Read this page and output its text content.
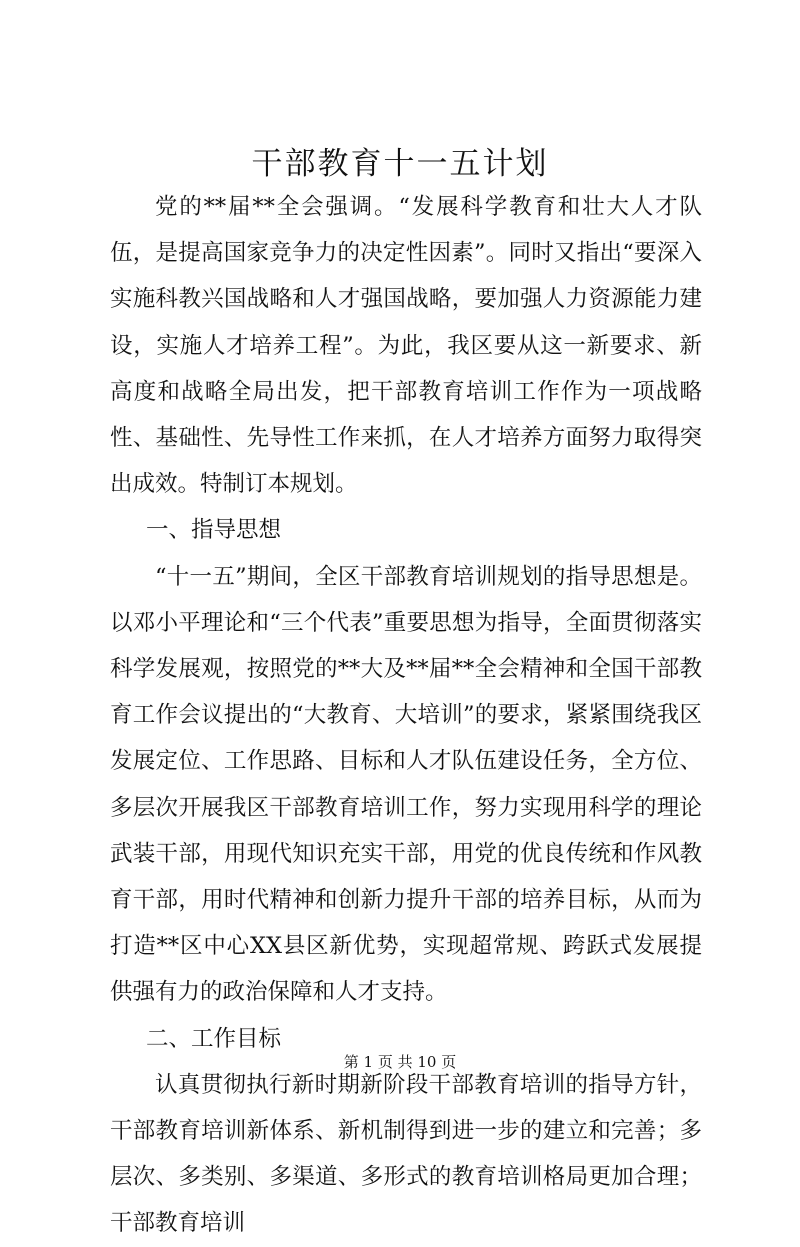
干部教育十一五计划

党的**届**全会强调。“发展科学教育和壮大人才队伍，是提高国家竞争力的决定性因素”。同时又指出“要深入实施科教兴国战略和人才强国战略，要加强人力资源能力建设，实施人才培养工程”。为此，我区要从这一新要求、新高度和战略全局出发，把干部教育培训工作作为一项战略性、基础性、先导性工作来抓，在人才培养方面努力取得突出成效。特制订本规划。

一、指导思想

“十一五”期间，全区干部教育培训规划的指导思想是。以邓小平理论和“三个代表”重要思想为指导，全面贯彻落实科学发展观，按照党的**大及**届**全会精神和全国干部教育工作会议提出的“大教育、大培训”的要求，紧紧围绕我区发展定位、工作思路、目标和人才队伍建设任务，全方位、多层次开展我区干部教育培训工作，努力实现用科学的理论武装干部，用现代知识充实干部，用党的优良传统和作风教育干部，用时代精神和创新力提升干部的培养目标，从而为打造**区中心XX县区新优势，实现超常规、跨跃式发展提供强有力的政治保障和人才支持。

二、工作目标

认真贯彻执行新时期新阶段干部教育培训的指导方针，干部教育培训新体系、新机制得到进一步的建立和完善；多层次、多类别、多渠道、多形式的教育培训格局更加合理；干部教育培训

第 1 页 共 10 页
